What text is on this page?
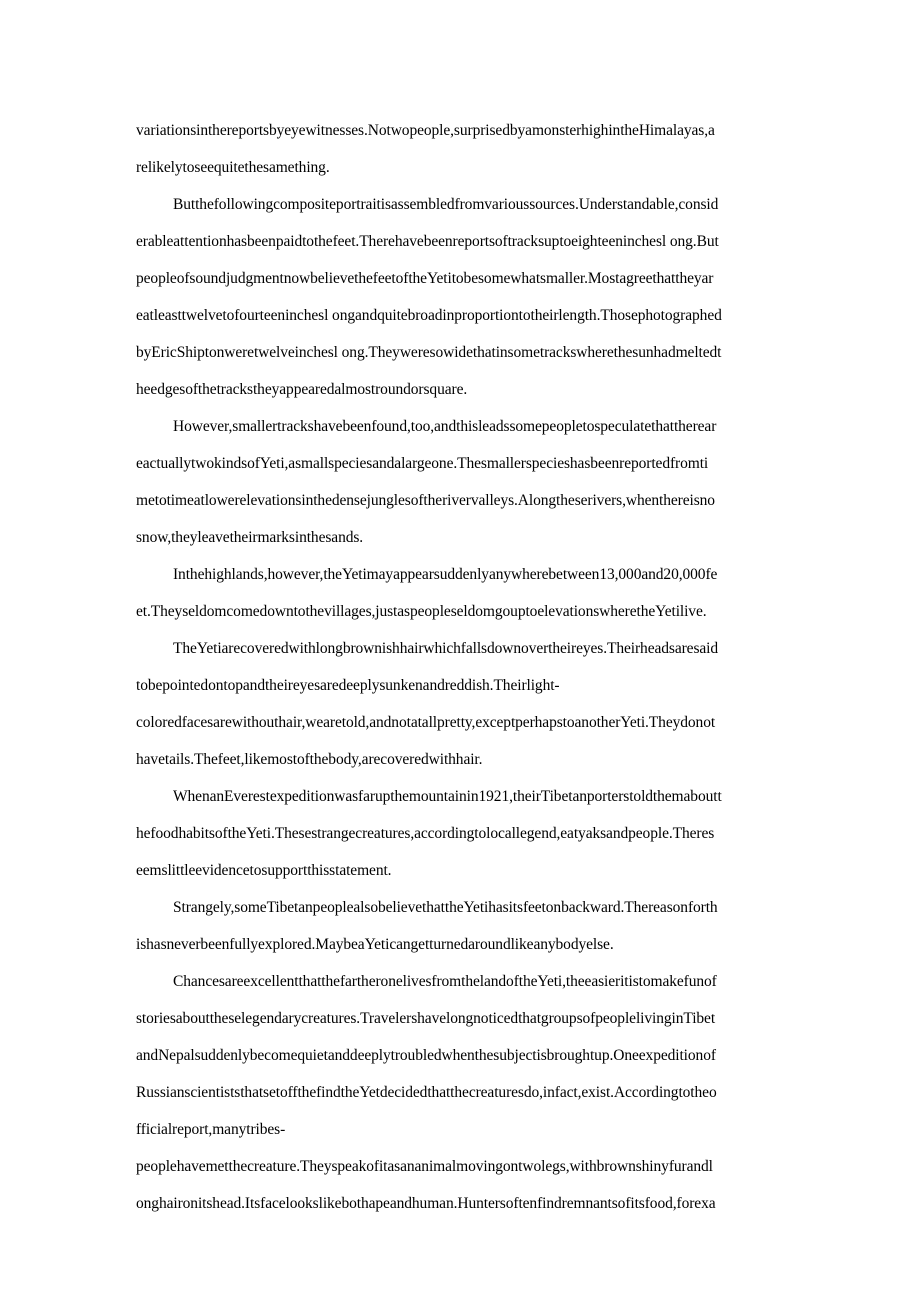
variationsinthereportsbyeyewitnesses.Notwopeople,surprisedbyamonsterhighintheHimalayas,a
relikelytoseequitethesamething.
Butthefollowingcompositeportraitisassembledfromvarioussources.Understandable,consid
erableattentionhasbeenpaidtothefeet.Therehavebeenreportsoftracksuptoeighteeninchesl ong.But
peopleofsoundjudgmentnowbelievethefeetoftheYetitobesomewhatsmaller.Mostagreethattheyar
eatleasttwelvetofourteeninchesl ongandquitebroadinproportiontotheirlength.Thosephotographed
byEricShiptonweretwelveinchesl ong.Theyweresowidethatinsometrackswherethesunhadmeltedt
heedgesofthetrackstheyappearedalmostroundorsquare.
However,smallertrackshavebeenfound,too,andthisleadssomepeopletospeculatethattherear
eactuallytwokindsofYeti,asmallspeciesandalargeone.Thesmallerspecieshasbeenreportedfromti
metotimeatlowerelevationsinthedensejunglesoftherivervalleys.Alongtheserivers,whenthereisno
snow,theyleavetheirmarksinthesands.
Inthehighlands,however,theYetimayappearsuddenlyanywherebetween13,000and20,000fe
et.Theyseldomcomedowntothevillages,justaspeopleseldomgouptoelevationswheretheYetilive.
TheYetiarecoveredwithlongbrownishhairwhichfallsdownovertheireyes.Theirheadsaresaid
tobepointedontopandtheireyesaredeeplysunkenandreddish.Theirlight-
coloredfacesarewithouthair,wearetold,andnotatallpretty,exceptperhapstoanotherYeti.Theydonot
havetails.Thefeet,likemostofthebody,arecoveredwithhair.
WhenanEverestexpeditionwasfarupthemountainin1921,theirTibetanporterstoldthemaboutt
hefoodhabitsoftheYeti.Thesestrangecreatures,accordingtolocallegend,eatyaksandpeople.Theres
eemslittleevidencetosupportthisstatement.
Strangely,someTibetanpeoplealsobelievethattheYetihasitsfeetonbackward.Thereasonforth
ishasneverbeenfullyexplored.MaybeaYeticangetturnedaroundlikeanybodyelse.
ChancesareexcellentthatthefartheronelivesfromthelandoftheYeti,theeasieritistomakefunof
storiesabouttheselegendarycreatures.TravelershavelongnoticedthatgroupsofpeoplelivinginTibet
andNepalsuddenlybecomequietanddeeplytroubledwhenthesubjectisbroughtup.Oneexpeditionof
RussianscientiststhatsetoffthefindtheYetdecidedthatthecreaturesdo,infact,exist.Accordingtotheo
fficialreport,manytribes-
peoplehavemetthecreature.Theyspeakofitasananimalmovingontwolegs,withbrownshinyfurandl
onghaironitshead.Itsfacelookslikebothapeandhuman.Huntersoftenfindremnantsofitsfood,forexa
